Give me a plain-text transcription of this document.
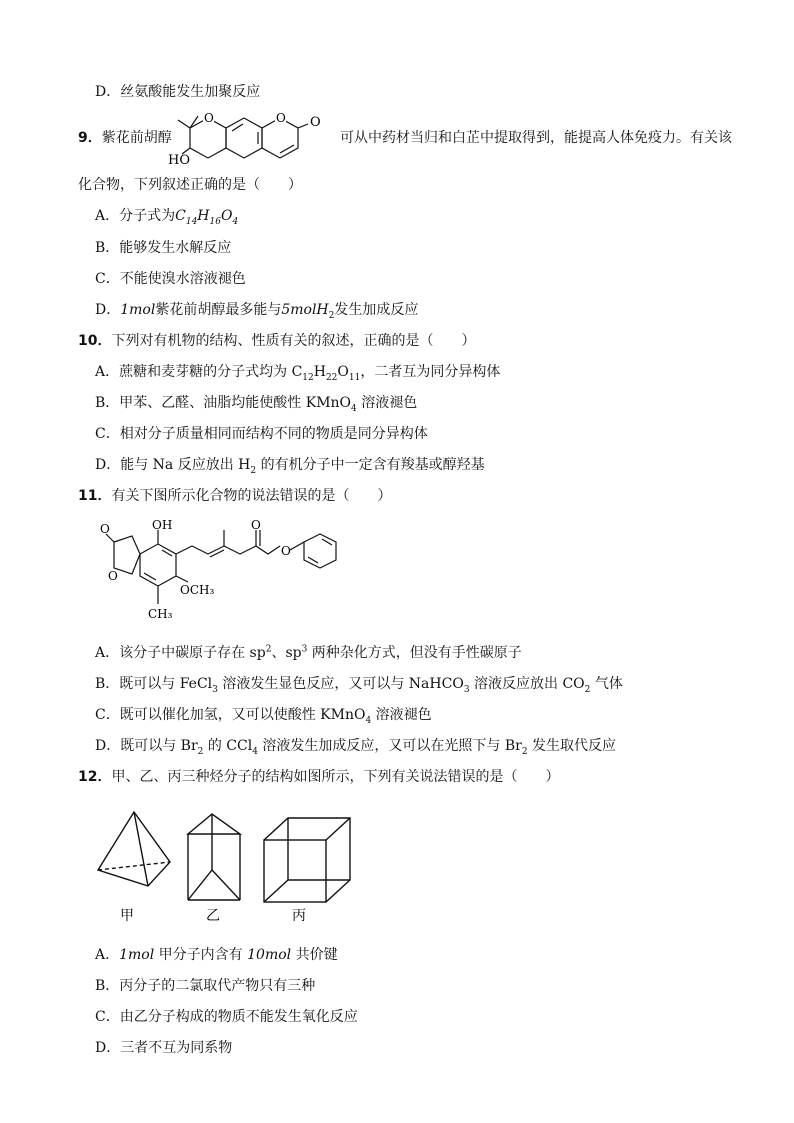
D．丝氨酸能发生加聚反应
9．紫花前胡醇
O	O O
HO
可从中药材当归和白芷中提取得到，能提高人体免疫力。有关该
化合物，下列叙述正确的是（　　）
A．分子式为$C_{14}H_{16}O_4$
B．能够发生水解反应
C．不能使溴水溶液褪色
D．1mol紫花前胡醇最多能与5molH$_2$发生加成反应
10．下列对有机物的结构、性质有关的叙述，正确的是（　　）
A．蔗糖和麦芽糖的分子式均为 $C_{12}H_{22}O_{11}$，二者互为同分异构体
B．甲苯、乙醛、油脂均能使酸性 KMnO$_4$ 溶液褪色
C．相对分子质量相同而结构不同的物质是同分异构体
D．能与 Na 反应放出 $H_2$ 的有机分子中一定含有羧基或醇羟基
11．有关下图所示化合物的说法错误的是（　　）
O
O
OH
OCH₃
CH₃
O
O
A．该分子中碳原子存在 $sp^2$、$sp^3$ 两种杂化方式，但没有手性碳原子
B．既可以与 FeCl$_3$ 溶液发生显色反应，又可以与 NaHCO$_3$ 溶液反应放出 $CO_2$ 气体
C．既可以催化加氢，又可以使酸性 KMnO$_4$ 溶液褪色
D．既可以与 $Br_2$ 的 CCl$_4$ 溶液发生加成反应，又可以在光照下与 $Br_2$ 发生取代反应
12．甲、乙、丙三种烃分子的结构如图所示，下列有关说法错误的是（　　）
甲	乙	丙
A．1mol 甲分子内含有 10mol 共价键
B．丙分子的二氯取代产物只有三种
C．由乙分子构成的物质不能发生氧化反应
D．三者不互为同系物
